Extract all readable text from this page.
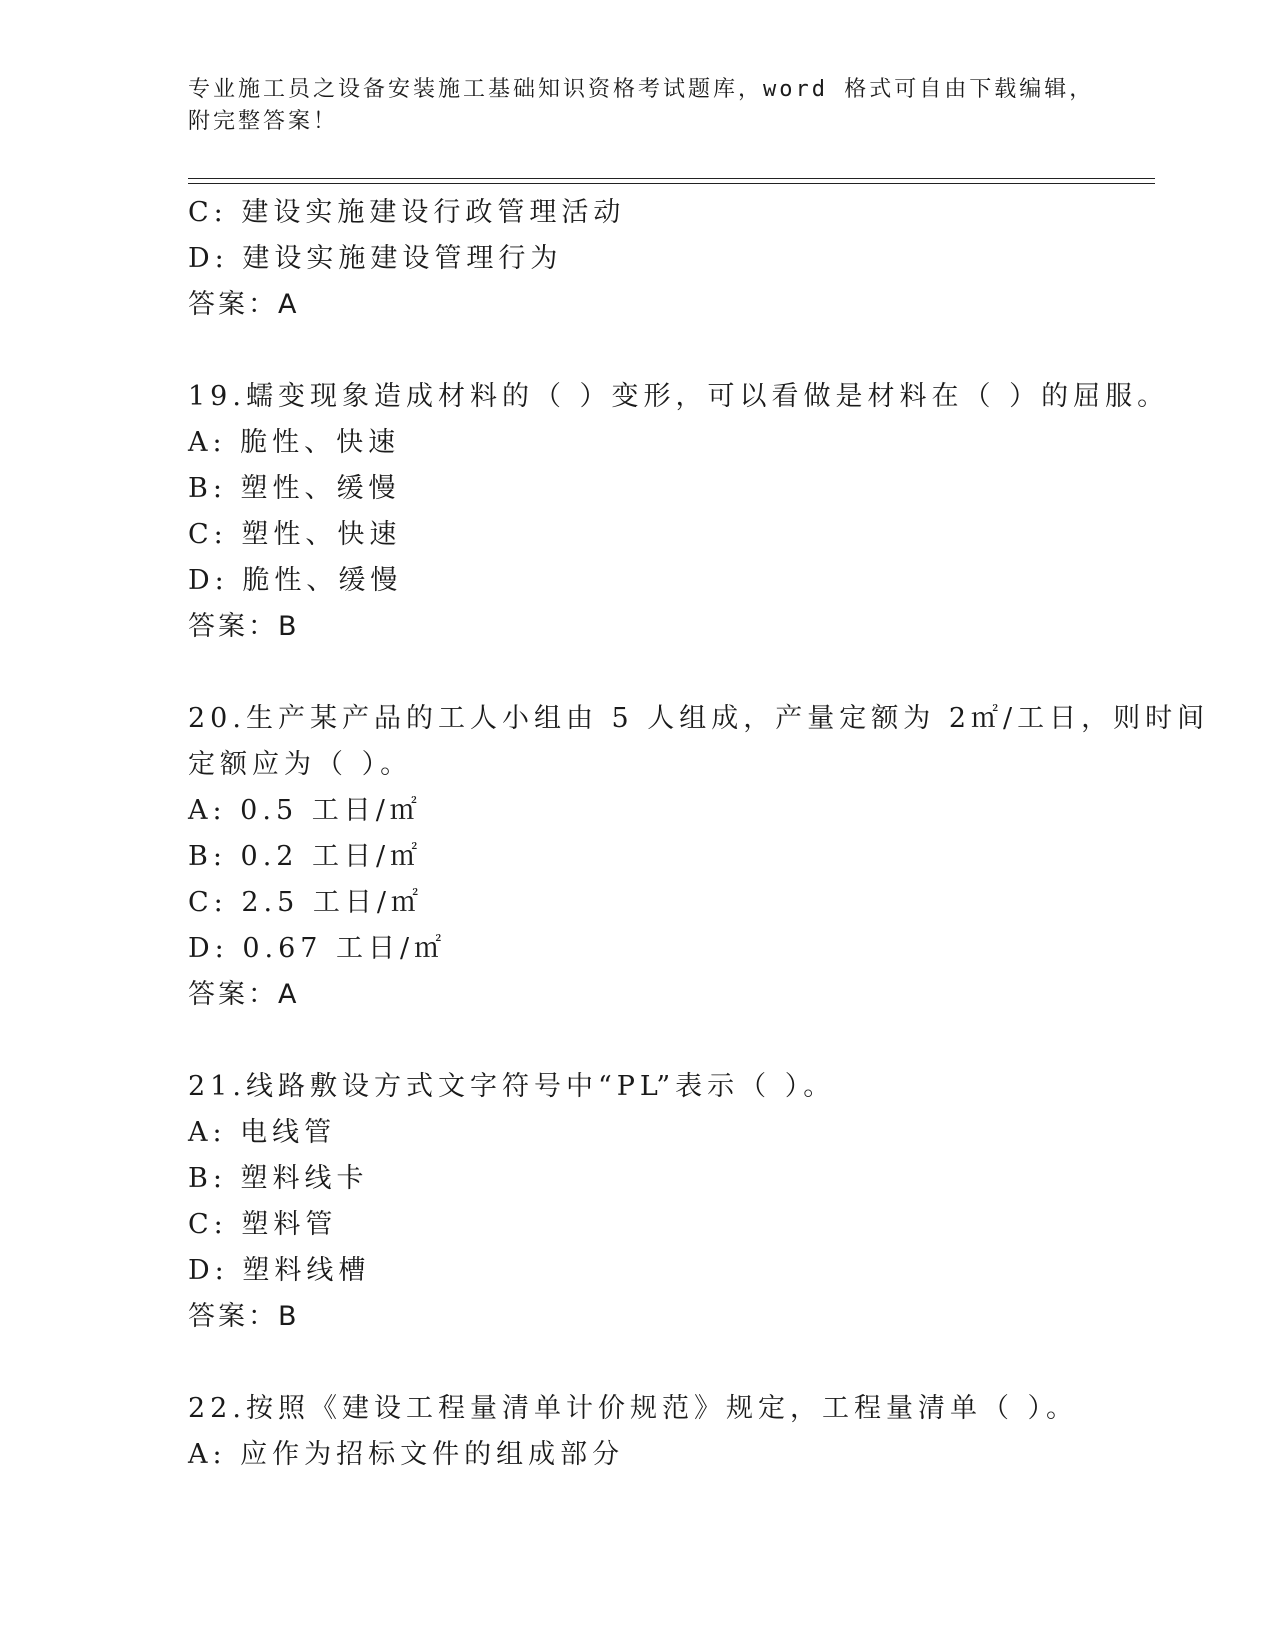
专业施工员之设备安装施工基础知识资格考试题库，word 格式可自由下载编辑，
附完整答案！
C: 建设实施建设行政管理活动
D: 建设实施建设管理行为
答案：A
19.蠕变现象造成材料的（ ）变形，可以看做是材料在（ ）的屈服。
A: 脆性、快速
B: 塑性、缓慢
C: 塑性、快速
D: 脆性、缓慢
答案：B
20.生产某产品的工人小组由 5 人组成，产量定额为 2㎡/工日，则时间
定额应为（ ）。
A: 0.5 工日/㎡
B: 0.2 工日/㎡
C: 2.5 工日/㎡
D: 0.67 工日/㎡
答案：A
21.线路敷设方式文字符号中“PL”表示（ ）。
A: 电线管
B: 塑料线卡
C: 塑料管
D: 塑料线槽
答案：B
22.按照《建设工程量清单计价规范》规定，工程量清单（ ）。
A: 应作为招标文件的组成部分
